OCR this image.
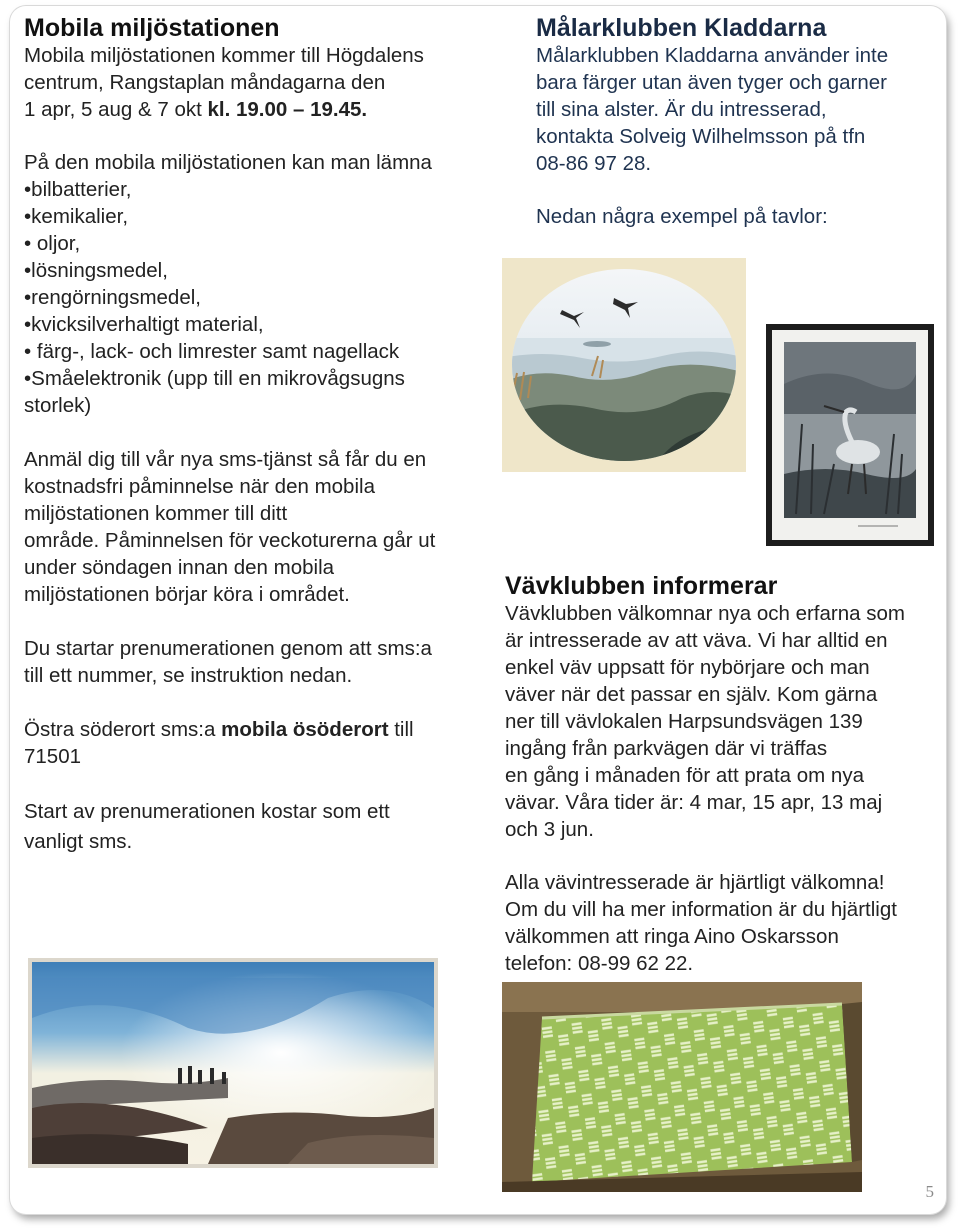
Mobila miljöstationen

Mobila miljöstationen kommer till Högdalens

centrum, Rangstaplan måndagarna den

1 apr, 5 aug & 7 okt kl. 19.00 – 19.45.

På den mobila miljöstationen kan man lämna

•bilbatterier,

•kemikalier,

• oljor,

•lösningsmedel,

•rengörningsmedel,

•kvicksilverhaltigt material,

• färg-, lack- och limrester samt nagellack

•Småelektronik (upp till en mikrovågsugns

storlek)

Anmäl dig till vår nya sms-tjänst så får du en

kostnadsfri påminnelse när den mobila

miljöstationen kommer till ditt

område. Påminnelsen för veckoturerna går ut

under söndagen innan den mobila

miljöstationen börjar köra i området.

Du startar prenumerationen genom att sms:a

till ett nummer, se instruktion nedan.

Östra söderort sms:a mobila ösöderort till

71501

Start av prenumerationen kostar som ett

vanligt sms.

Målarklubben Kladdarna

Målarklubben Kladdarna använder inte

bara färger utan även tyger och garner

till sina alster. Är du intresserad,

kontakta Solveig Wilhelmsson på tfn

08-86 97 28.

Nedan några exempel på tavlor:

Vävklubben informerar

Vävklubben välkomnar nya och erfarna som

är intresserade av att väva. Vi har alltid en

enkel väv uppsatt för nybörjare och man

väver när det passar en själv. Kom gärna

ner till vävlokalen Harpsundsvägen 139

ingång från parkvägen där vi träffas

en gång i månaden för att prata om nya

vävar. Våra tider är: 4 mar, 15 apr, 13 maj

och 3 jun.

Alla vävintresserade är hjärtligt välkomna!

Om du vill ha mer information är du hjärtligt

välkommen att ringa Aino Oskarsson

telefon: 08-99 62 22.

5
